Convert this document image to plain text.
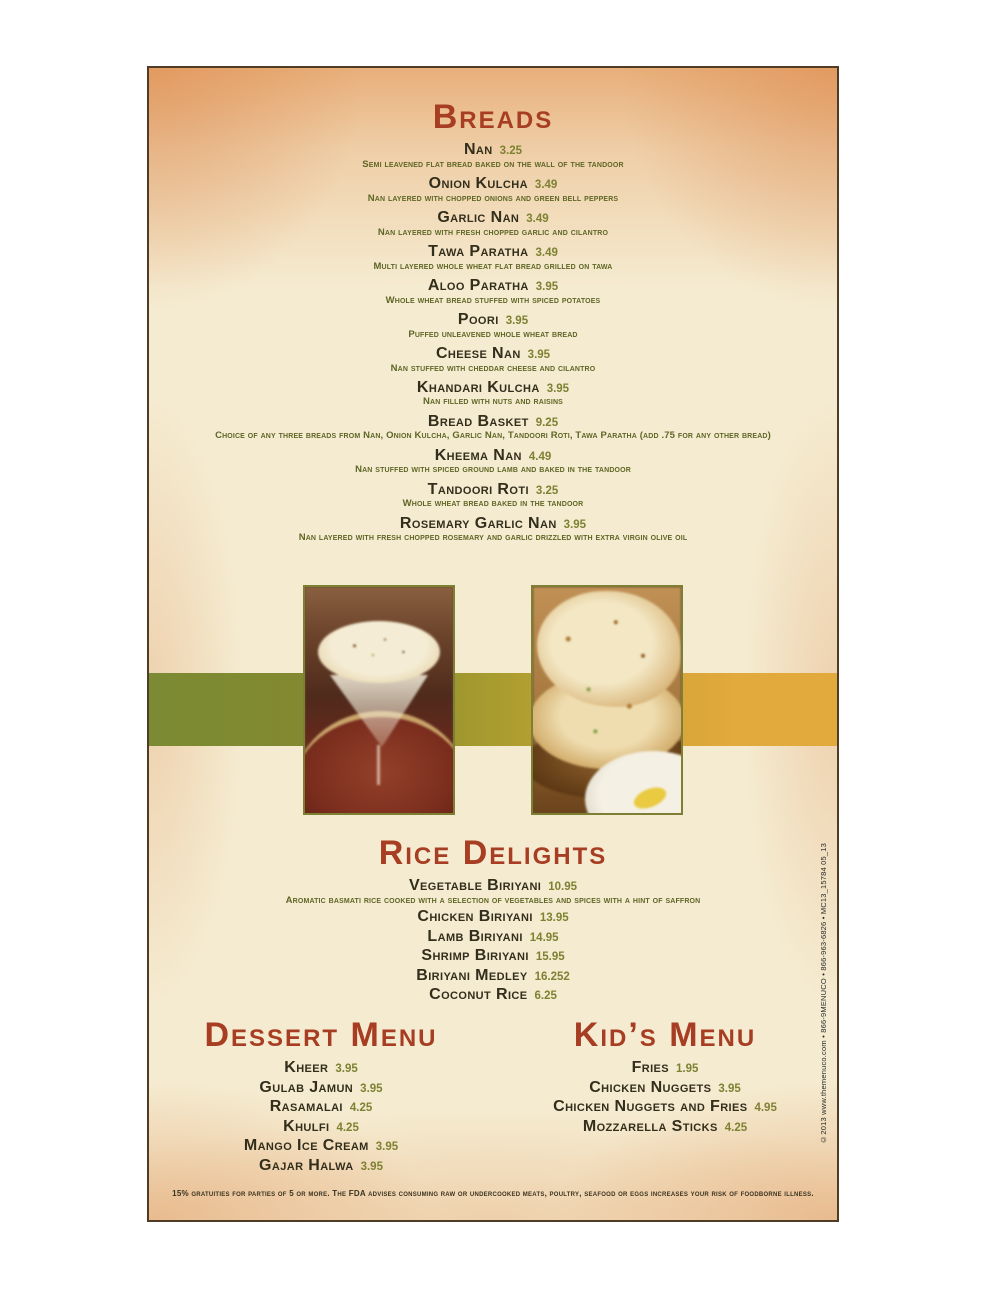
Breads
Nan 3.25
Semi leavened flat bread baked on the wall of the tandoor
Onion Kulcha 3.49
Nan layered with chopped onions and green bell peppers
Garlic Nan 3.49
Nan layered with fresh chopped garlic and cilantro
Tawa Paratha 3.49
Multi layered whole wheat flat bread grilled on tawa
Aloo Paratha 3.95
Whole wheat bread stuffed with spiced potatoes
Poori 3.95
Puffed unleavened whole wheat bread
Cheese Nan 3.95
Nan stuffed with cheddar cheese and cilantro
Khandari Kulcha 3.95
Nan filled with nuts and raisins
Bread Basket 9.25
Choice of any three breads from Nan, Onion Kulcha, Garlic Nan, Tandoori Roti, Tawa Paratha (add .75 for any other bread)
Kheema Nan 4.49
Nan stuffed with spiced ground lamb and baked in the tandoor
Tandoori Roti 3.25
Whole wheat bread baked in the tandoor
Rosemary Garlic Nan 3.95
Nan layered with fresh chopped rosemary and garlic drizzled with extra virgin olive oil
Rice Delights
Vegetable Biriyani 10.95
Aromatic basmati rice cooked with a selection of vegetables and spices with a hint of saffron
Chicken Biriyani 13.95
Lamb Biriyani 14.95
Shrimp Biriyani 15.95
Biriyani Medley 16.252
Coconut Rice 6.25
Dessert Menu
Kheer 3.95
Gulab Jamun 3.95
Rasamalai 4.25
Khulfi 4.25
Mango Ice Cream 3.95
Gajar Halwa 3.95
Kid’s Menu
Fries 1.95
Chicken Nuggets 3.95
Chicken Nuggets and Fries 4.95
Mozzarella Sticks 4.25
15% gratuities for parties of 5 or more. The FDA advises consuming raw or undercooked meats, poultry, seafood or eggs increases your risk of foodborne illness.
©2013 www.themenuco.com • 866-9MENUCO • 866-963-6826 • MC13_15784 05_13
